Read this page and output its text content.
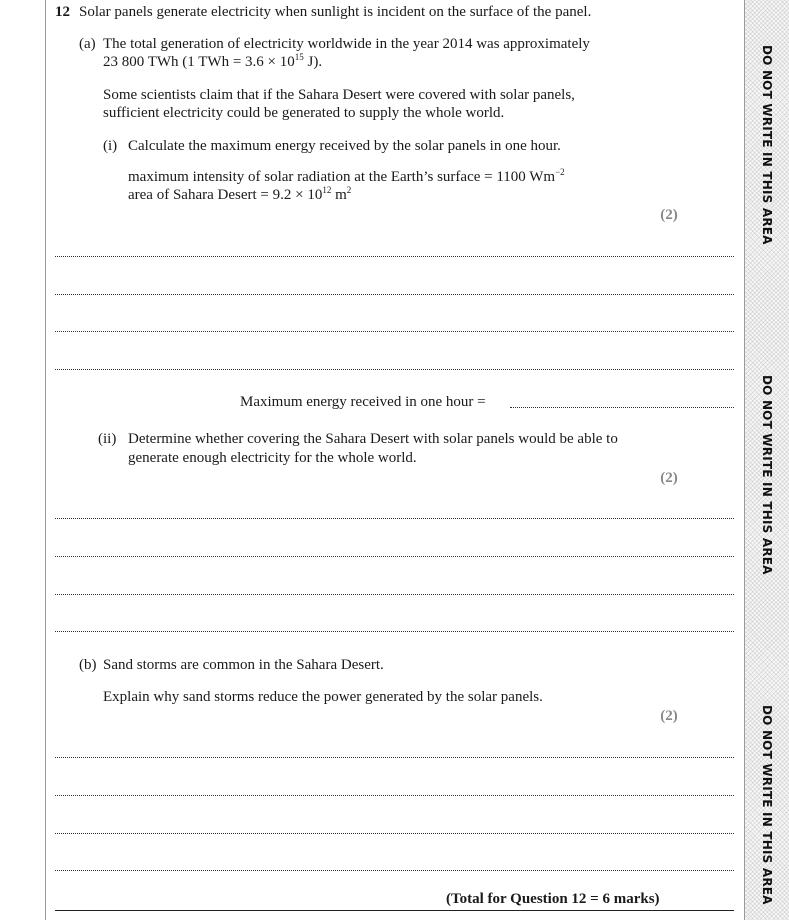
DO NOT WRITE IN THIS AREA
DO NOT WRITE IN THIS AREA
DO NOT WRITE IN THIS AREA
12 Solar panels generate electricity when sunlight is incident on the surface of the panel.
(a) The total generation of electricity worldwide in the year 2014 was approximately
23 800 TWh (1 TWh = $3.6 \times 10^{15}$ J).
Some scientists claim that if the Sahara Desert were covered with solar panels,
sufficient electricity could be generated to supply the whole world.
(i) Calculate the maximum energy received by the solar panels in one hour.
maximum intensity of solar radiation at the Earth’s surface = 1100 $Wm^{-2}$
area of Sahara Desert = $9.2 \times 10^{12}$ $m^2$
(2)
Maximum energy received in one hour =
(ii) Determine whether covering the Sahara Desert with solar panels would be able to
generate enough electricity for the whole world.
(2)
(b) Sand storms are common in the Sahara Desert.
Explain why sand storms reduce the power generated by the solar panels.
(2)
(Total for Question 12 = 6 marks)
